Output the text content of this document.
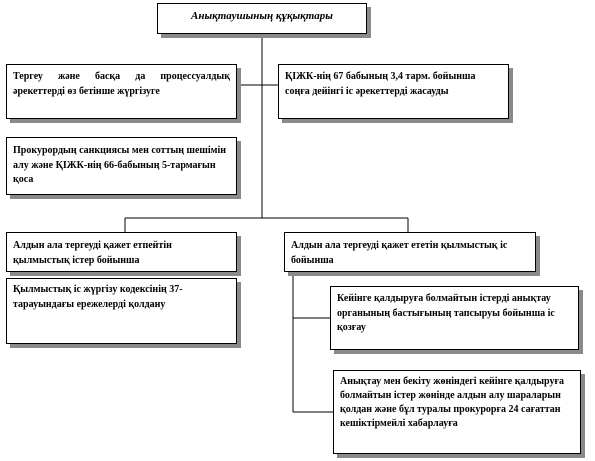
Анықтаушының құқықтары
Тергеу және басқа да процессуалдық әрекеттерді өз бетінше жүргізуге
ҚІЖК-нің 67 бабының 3,4 тарм. бойынша соңға дейінгі іс әрекеттерді жасауды
Прокурордың санкциясы мен соттың шешімін алу және ҚІЖК-нің 66-бабының 5-тармағын қоса
Алдын ала тергеуді қажет етпейтін қылмыстық істер бойынша
Қылмыстық іс жүргізу кодексінің 37- тарауындағы ережелерді қолдану
Алдын ала тергеуді қажет ететін қылмыстық іс бойынша
Кейінге қалдыруға болмайтын істерді анықтау органының бастығының тапсыруы бойынша іс қозғау
Анықтау мен бекіту жөніндегі кейінге қалдыруға болмайтын істер жөнінде алдын алу шараларын қолдан және бұл туралы прокурорға 24 сағаттан кешіктірмейлі хабарлауға
